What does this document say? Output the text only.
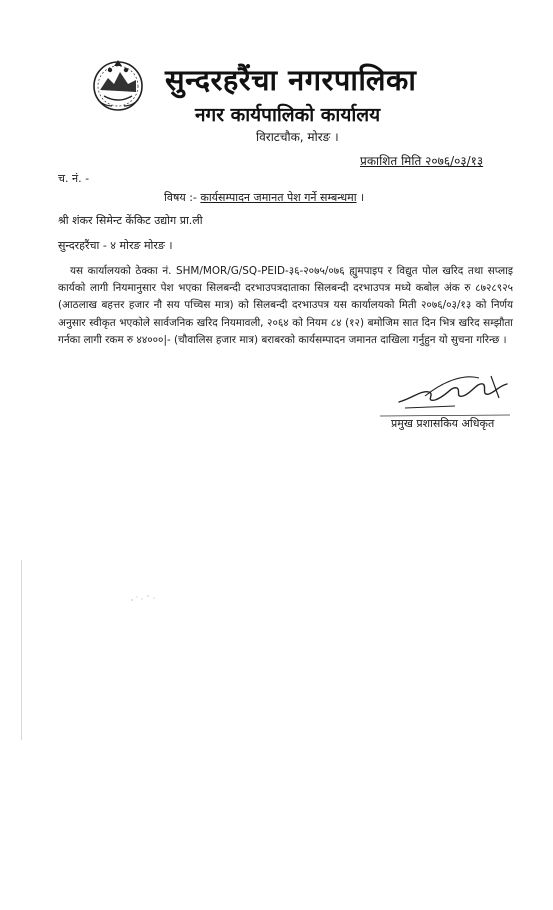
सुन्दरहरैंचा नगरपालिका
नगर कार्यपालिको कार्यालय
विराटचौक, मोरङ ।
प्रकाशित मिति २०७६/०३/१३
च. नं. -
विषय :- कार्यसम्पादन जमानत पेश गर्ने सम्बन्धमा ।
श्री शंकर सिमेन्ट केंकिट उद्योग प्रा.ली
सुन्दरहरैंचा - ४ मोरङ मोरङ ।
यस कार्यालयको ठेक्का नं. SHM/MOR/G/SQ-PEID-३६-२०७५/०७६ ह्युमपाइप र विद्युत पोल खरिद तथा सप्लाइ कार्यको लागी नियमानुसार पेश भएका सिलबन्दी दरभाउपत्रदाताका सिलबन्दी दरभाउपत्र मध्ये कबोल अंक रु ८७२८९२५ (आठलाख बहत्तर हजार नौ सय पच्चिस मात्र) को सिलबन्दी दरभाउपत्र यस कार्यालयको मिती २०७६/०३/१३ को निर्णय अनुसार स्वीकृत भएकोले सार्वजनिक खरिद नियमावली, २०६४ को नियम ८४ (१२) बमोजिम सात दिन भित्र खरिद सम्झौता गर्नका लागी रकम रु ४४०००|- (चौवालिस हजार मात्र) बराबरको कार्यसम्पादन जमानत दाखिला गर्नुहुन यो सुचना गरिन्छ ।
प्रमुख प्रशासकिय अधिकृत
